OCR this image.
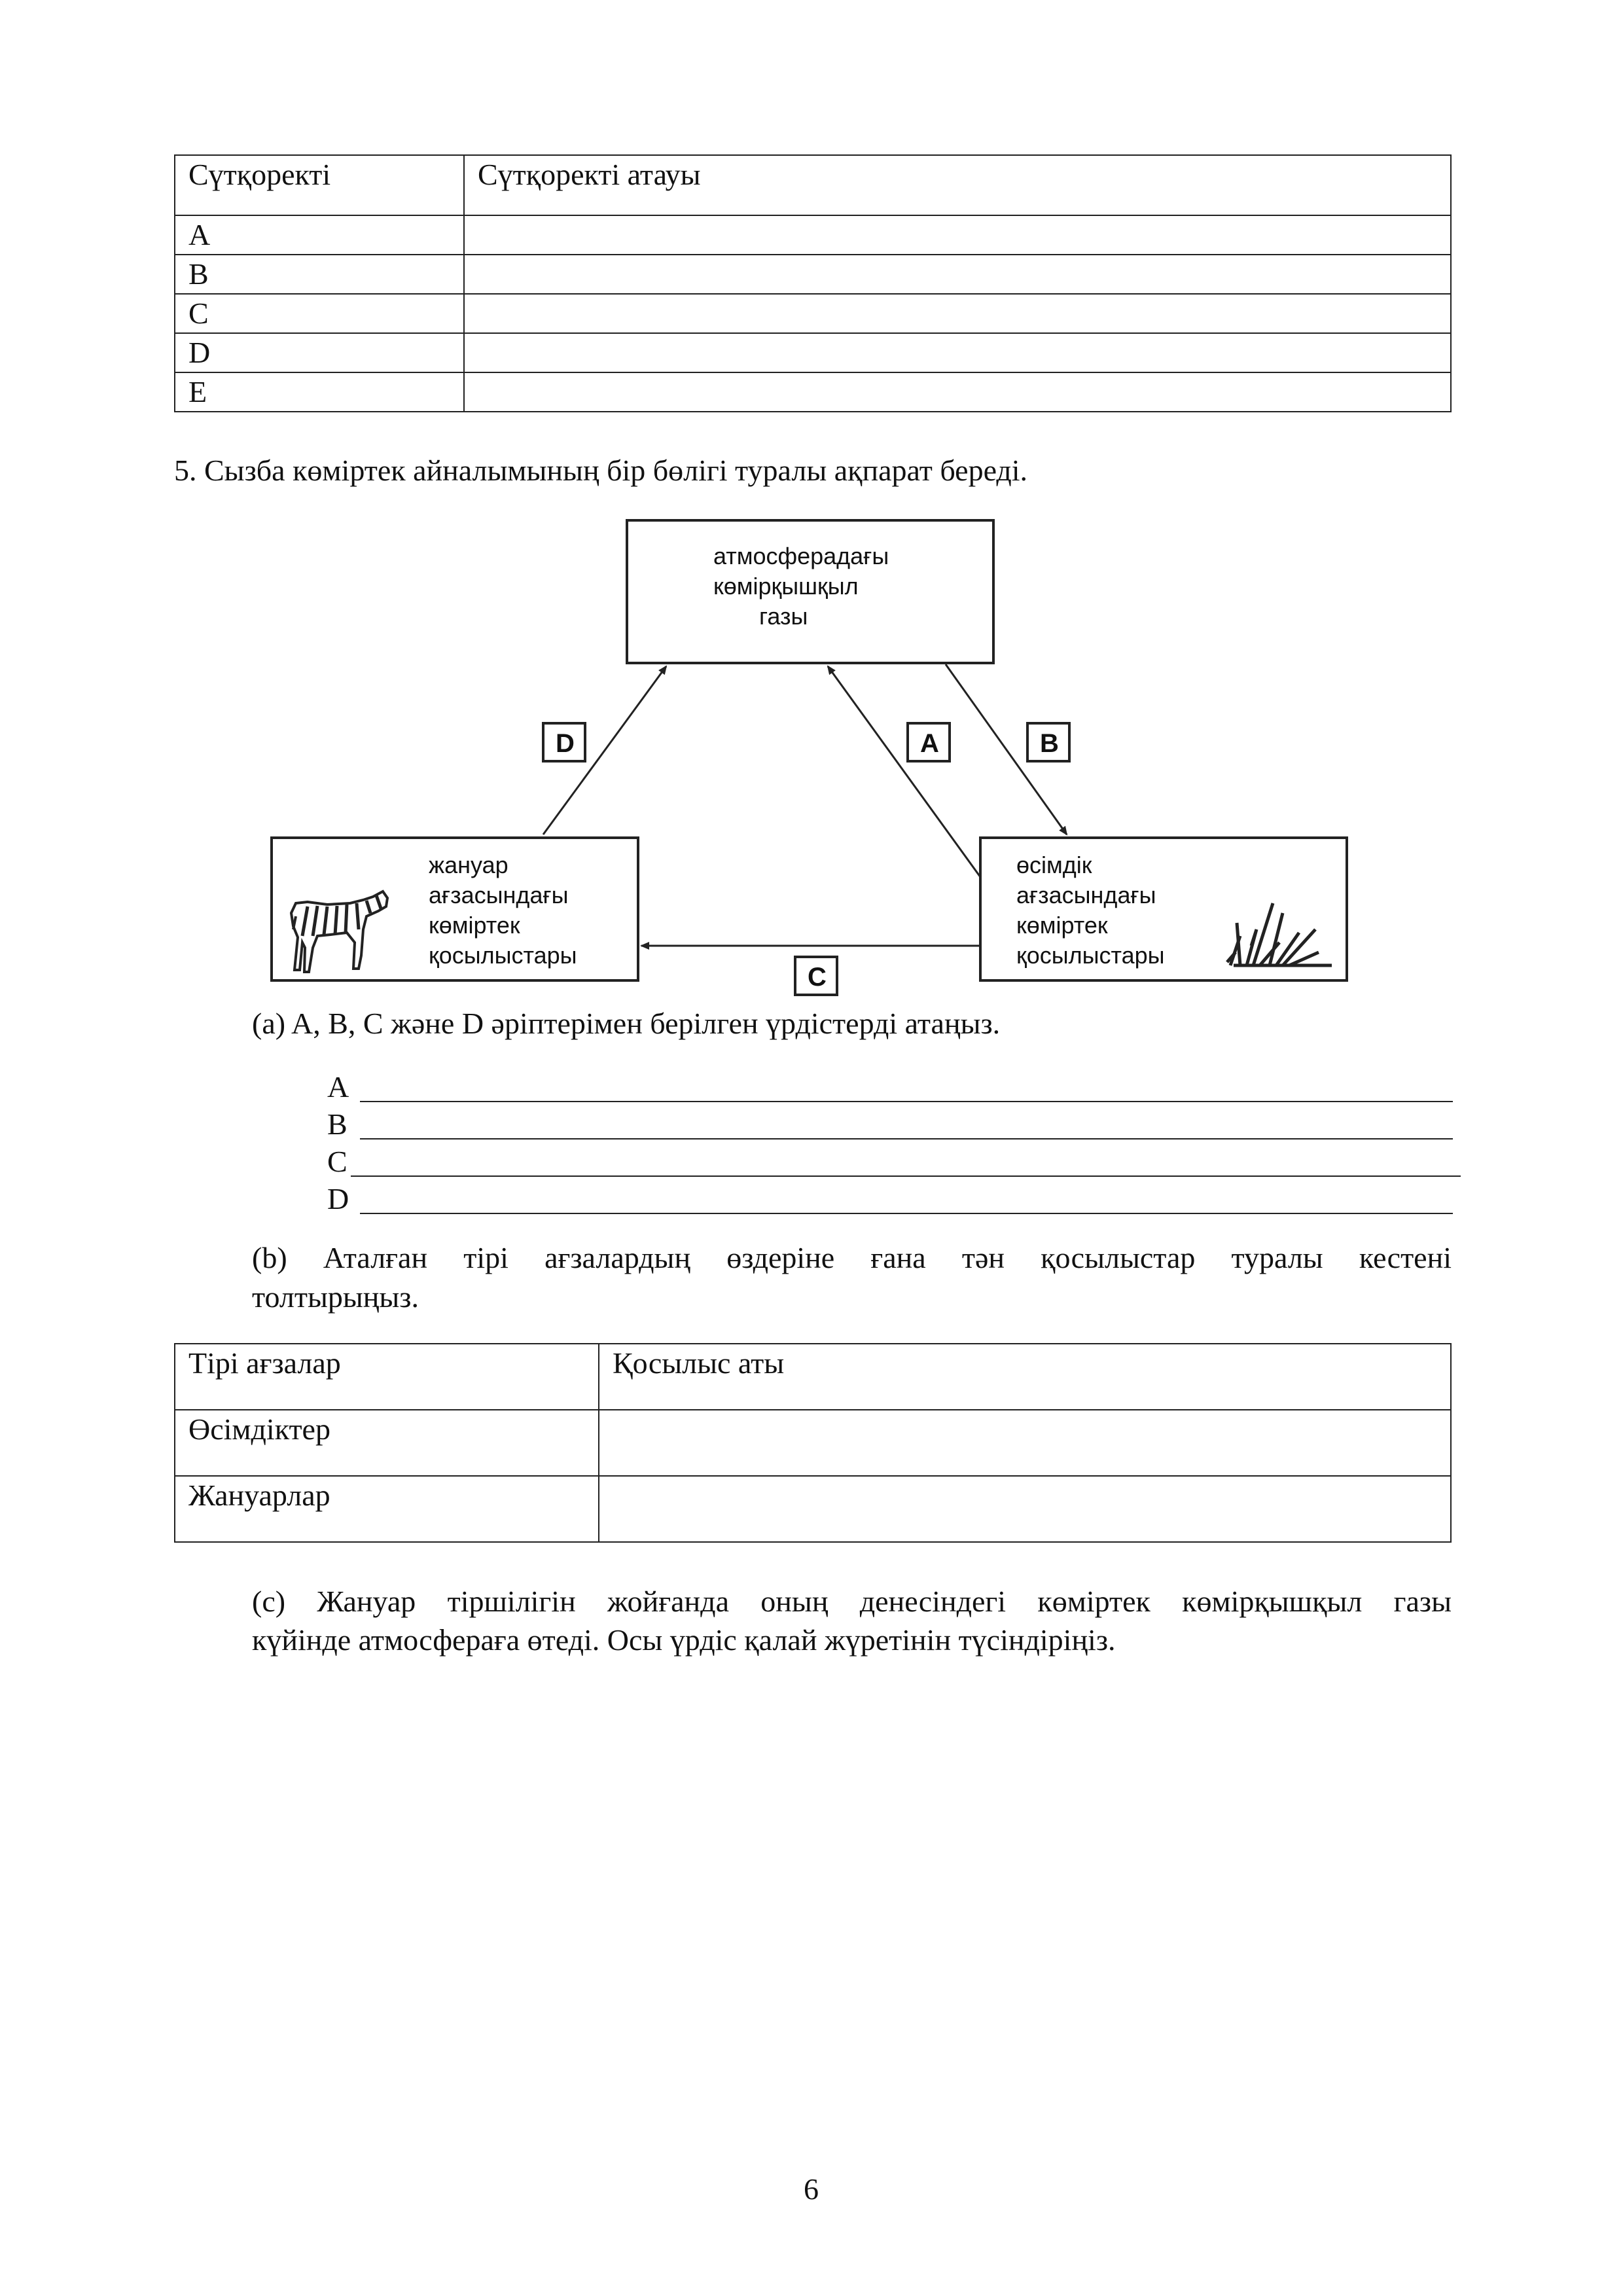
Сүтқоректі	Сүтқоректі атауы
A	
B	
C	
D	
E	
5. Сызба көміртек айналымының бір бөлігі туралы ақпарат береді.
атмосферадағы
көмірқышқыл
газы
жануар
ағзасындағы
көміртек
қосылыстары
өсімдік
ағзасындағы
көміртек
қосылыстары
D	A	B
C
(a) A, B, C және D әріптерімен берілген үрдістерді атаңыз.
A
B
C
D
(b) Аталған тірі ағзалардың өздеріне ғана тән қосылыстар туралы кестені
толтырыңыз.
Тірі ағзалар	Қосылыс аты
Өсімдіктер	
Жануарлар	
(c) Жануар тіршілігін жойғанда оның денесіндегі көміртек көмірқышқыл газы
күйінде атмосфераға өтеді. Осы үрдіс қалай жүретінін түсіндіріңіз.
6
